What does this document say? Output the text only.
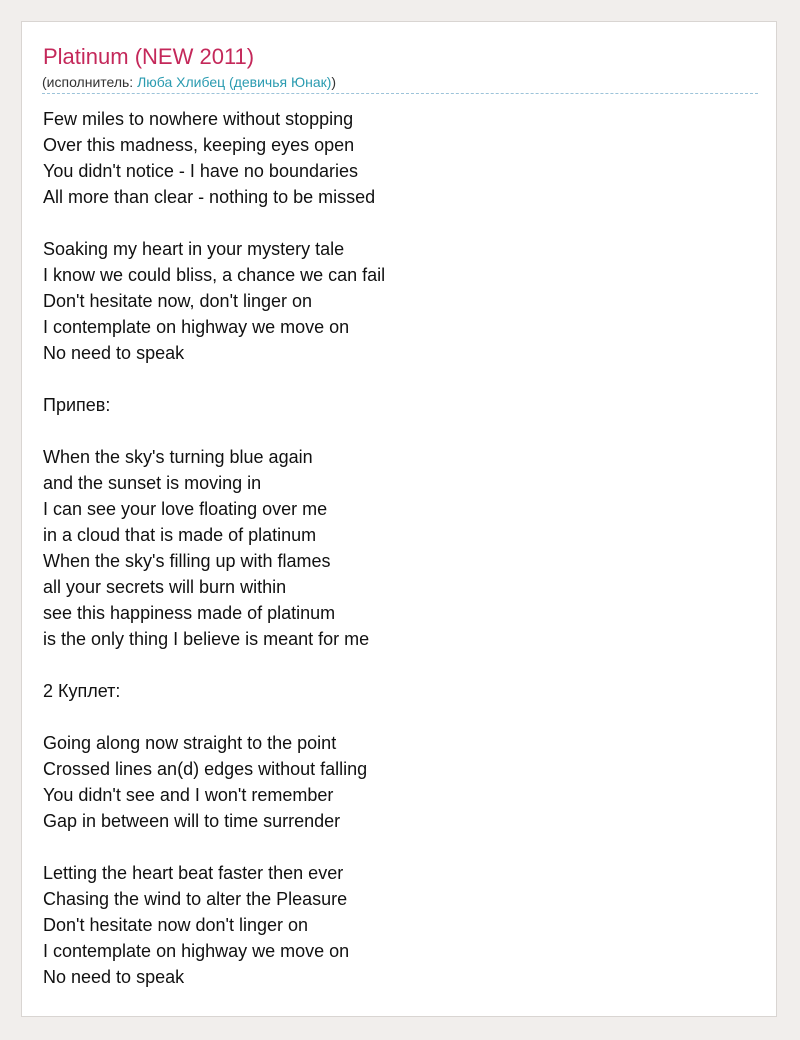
Platinum (NEW 2011)
(исполнитель: Люба Хлибец (девичья Юнак))
Few miles to nowhere without stopping
Over this madness, keeping eyes open
You didn't notice - I have no boundaries
All more than clear - nothing to be missed
Soaking my heart in your mystery tale
I know we could bliss, a chance we can fail
Don't hesitate now, don't linger on
I contemplate on highway we move on
No need to speak
Припев:
When the sky's turning blue again
and the sunset is moving in
I can see your love floating over me
in a cloud that is made of platinum
When the sky's filling up with flames
all your secrets will burn within
see this happiness made of platinum
is the only thing I believe is meant for me
2 Куплет:
Going along now straight to the point
Crossed lines an(d) edges without falling
You didn't see and I won't remember
Gap in between will to time surrender
Letting the heart beat faster then ever
Chasing the wind to alter the Pleasure
Don't hesitate now don't linger on
I contemplate on highway we move on
No need to speak
